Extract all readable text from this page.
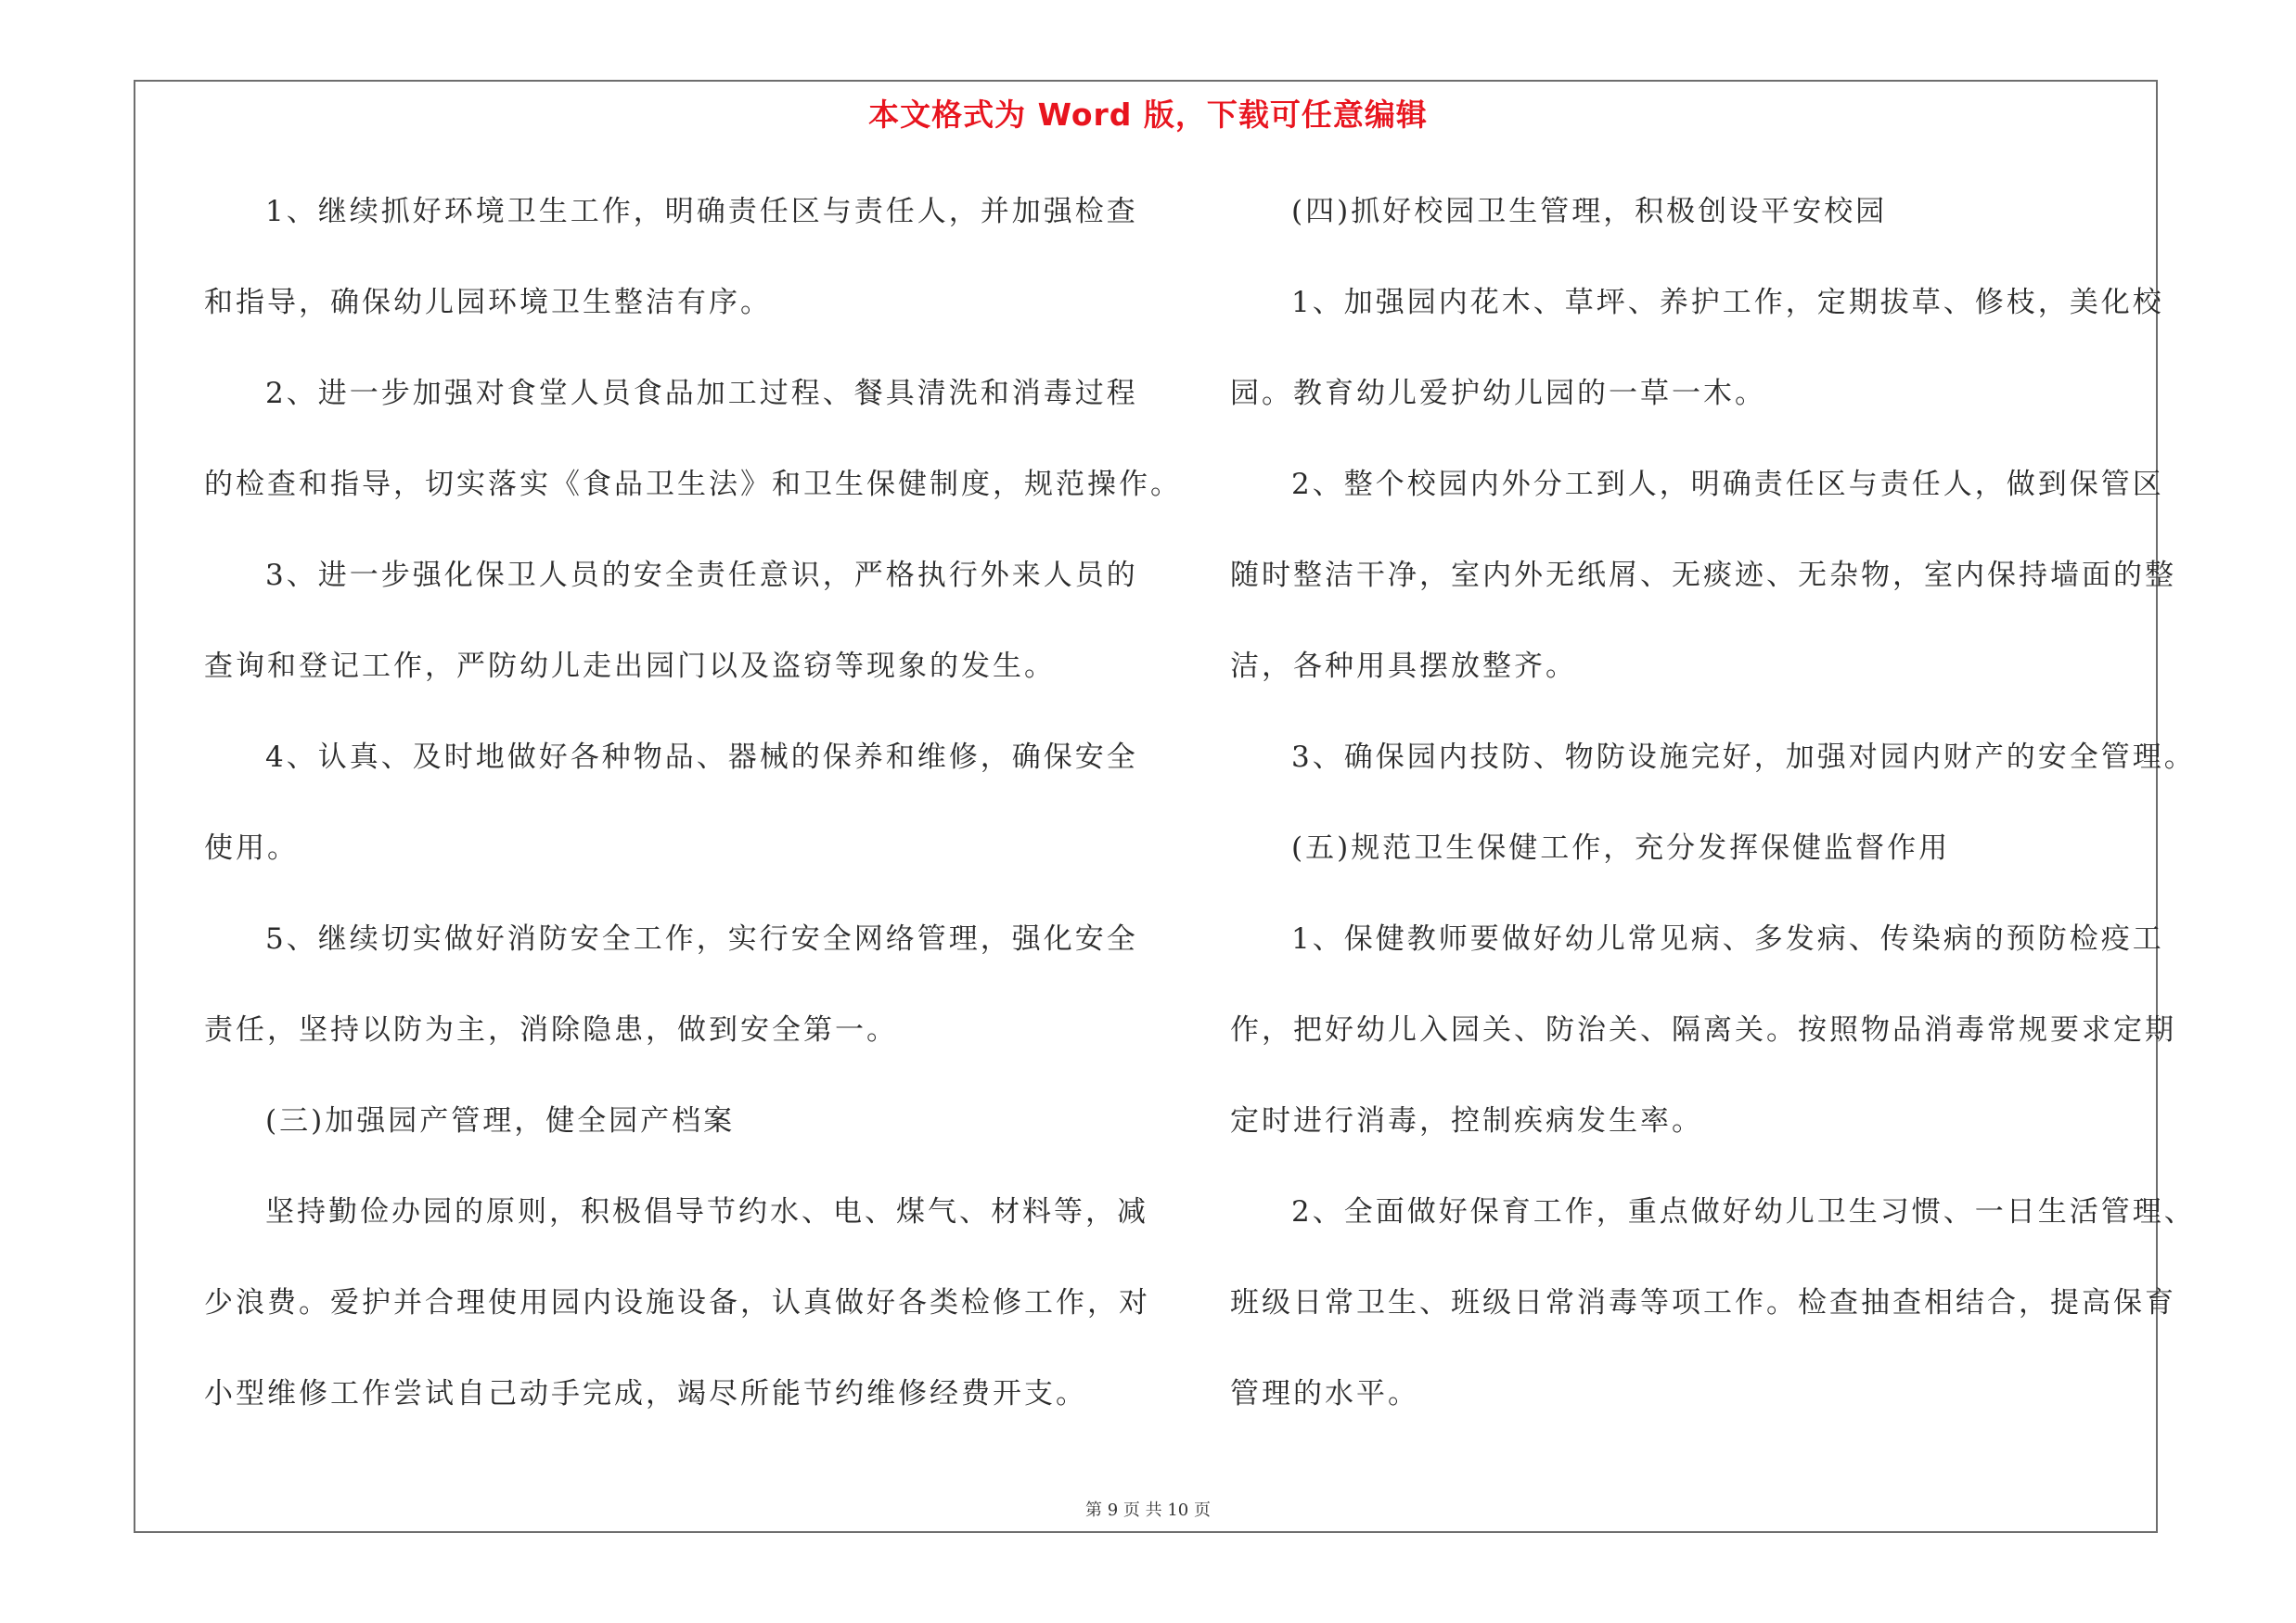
本文格式为 Word 版，下载可任意编辑
1、继续抓好环境卫生工作，明确责任区与责任人，并加强检查
和指导，确保幼儿园环境卫生整洁有序。
2、进一步加强对食堂人员食品加工过程、餐具清洗和消毒过程
的检查和指导，切实落实《食品卫生法》和卫生保健制度，规范操作。
3、进一步强化保卫人员的安全责任意识，严格执行外来人员的
查询和登记工作，严防幼儿走出园门以及盗窃等现象的发生。
4、认真、及时地做好各种物品、器械的保养和维修，确保安全
使用。
5、继续切实做好消防安全工作，实行安全网络管理，强化安全
责任，坚持以防为主，消除隐患，做到安全第一。
(三)加强园产管理，健全园产档案
坚持勤俭办园的原则，积极倡导节约水、电、煤气、材料等，减
少浪费。爱护并合理使用园内设施设备，认真做好各类检修工作，对
小型维修工作尝试自己动手完成，竭尽所能节约维修经费开支。
(四)抓好校园卫生管理，积极创设平安校园
1、加强园内花木、草坪、养护工作，定期拔草、修枝，美化校
园。教育幼儿爱护幼儿园的一草一木。
2、整个校园内外分工到人，明确责任区与责任人，做到保管区
随时整洁干净，室内外无纸屑、无痰迹、无杂物，室内保持墙面的整
洁，各种用具摆放整齐。
3、确保园内技防、物防设施完好，加强对园内财产的安全管理。
(五)规范卫生保健工作，充分发挥保健监督作用
1、保健教师要做好幼儿常见病、多发病、传染病的预防检疫工
作，把好幼儿入园关、防治关、隔离关。按照物品消毒常规要求定期
定时进行消毒，控制疾病发生率。
2、全面做好保育工作，重点做好幼儿卫生习惯、一日生活管理、
班级日常卫生、班级日常消毒等项工作。检查抽查相结合，提高保育
管理的水平。
第 9 页 共 10 页
